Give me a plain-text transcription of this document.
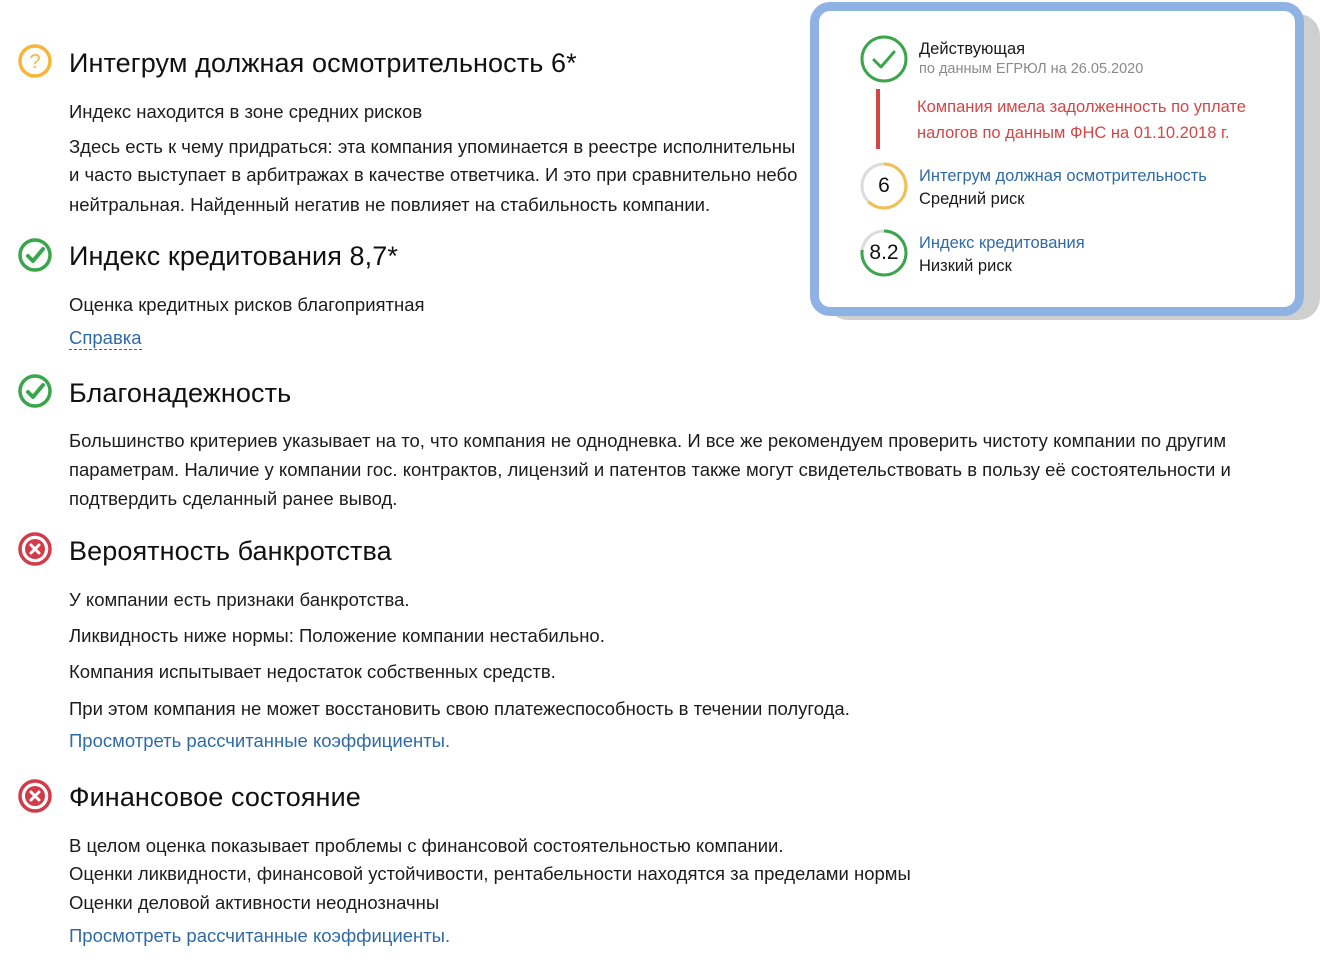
? Интегрум должная осмотрительность 6*
Индекс находится в зоне средних рисков
Здесь есть к чему придраться: эта компания упоминается в реестре исполнительны
и часто выступает в арбитражах в качестве ответчика. И это при сравнительно небо
нейтральная. Найденный негатив не повлияет на стабильность компании.
Индекс кредитования 8,7*
Оценка кредитных рисков благоприятная
Справка
Благонадежность
Большинство критериев указывает на то, что компания не однодневка. И все же рекомендуем проверить чистоту компании по другим
параметрам. Наличие у компании гос. контрактов, лицензий и патентов также могут свидетельствовать в пользу её состоятельности и
подтвердить сделанный ранее вывод.
Вероятность банкротства
У компании есть признаки банкротства.
Ликвидность ниже нормы: Положение компании нестабильно.
Компания испытывает недостаток собственных средств.
При этом компания не может восстановить свою платежеспособность в течении полугода.
Просмотреть рассчитанные коэффициенты.
Финансовое состояние
В целом оценка показывает проблемы с финансовой состоятельностью компании.
Оценки ликвидности, финансовой устойчивости, рентабельности находятся за пределами нормы
Оценки деловой активности неоднозначны
Просмотреть рассчитанные коэффициенты.
Действующая
по данным ЕГРЮЛ на 26.05.2020
Компания имела задолженность по уплате
налогов по данным ФНС на 01.10.2018 г.
6 Интегрум должная осмотрительность
Средний риск
8.2 Индекс кредитования
Низкий риск
